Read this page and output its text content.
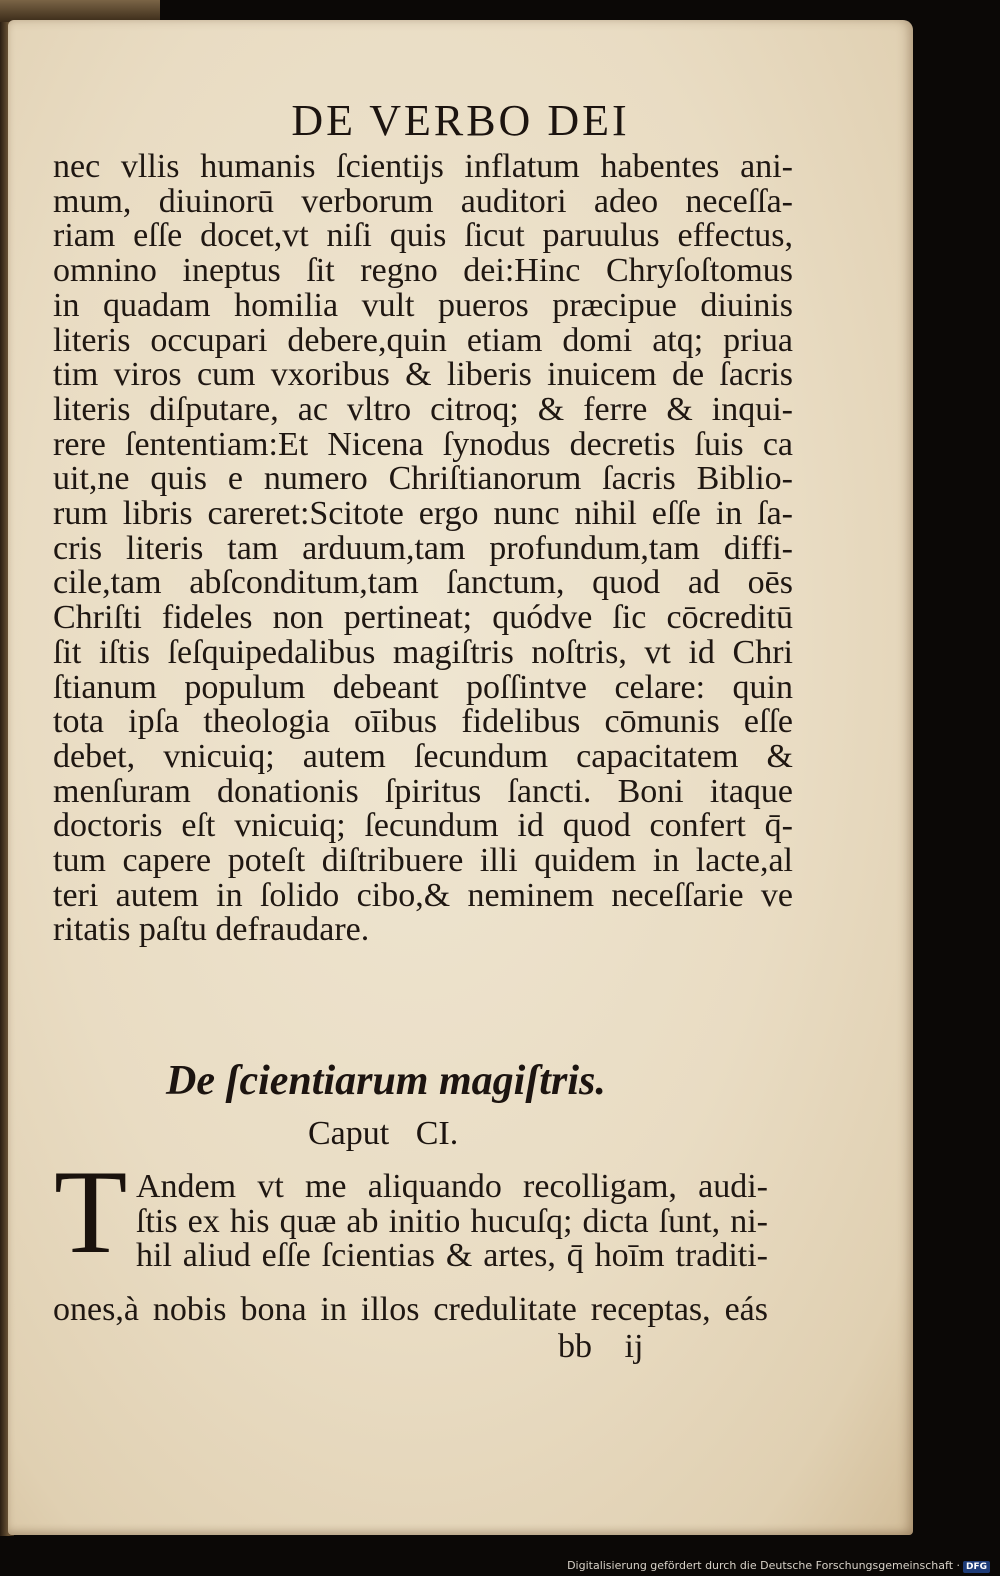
DE VERBO DEI
nec vllis humanis ſcientijs inflatum habentes ani-
mum, diuinorū verborum auditori adeo neceſſa-
riam eſſe docet,vt niſi quis ſicut paruulus effectus,
omnino ineptus ſit regno dei:Hinc Chryſoſtomus
in quadam homilia vult pueros præcipue diuinis
literis occupari debere,quin etiam domi atq; priua
tim viros cum vxoribus & liberis inuicem de ſacris
literis diſputare, ac vltro citroq; & ferre & inqui-
rere ſententiam:Et Nicena ſynodus decretis ſuis ca
uit,ne quis e numero Chriſtianorum ſacris Biblio-
rum libris careret:Scitote ergo nunc nihil eſſe in ſa-
cris literis tam arduum,tam profundum,tam diffi-
cile,tam abſconditum,tam ſanctum, quod ad oēs
Chriſti fideles non pertineat; quódve ſic cōcreditū
ſit iſtis ſeſquipedalibus magiſtris noſtris, vt id Chri
ſtianum populum debeant poſſintve celare: quin
tota ipſa theologia oīibus fidelibus cōmunis eſſe
debet, vnicuiq; autem ſecundum capacitatem &
menſuram donationis ſpiritus ſancti. Boni itaque
doctoris eſt vnicuiq; ſecundum id quod confert q̄-
tum capere poteſt diſtribuere illi quidem in lacte,al
teri autem in ſolido cibo,& neminem neceſſarie ve
ritatis paſtu defraudare.
De ſcientiarum magiſtris.
Caput CI.
T Andem vt me aliquando recolligam, audi-
ſtis ex his quæ ab initio hucuſq; dicta ſunt, ni-
hil aliud eſſe ſcientias & artes, q̄ hoīm traditi-
ones,à nobis bona in illos credulitate receptas, eás
bb ij
Digitalisierung gefördert durch die Deutsche Forschungsgemeinschaft · DFG
